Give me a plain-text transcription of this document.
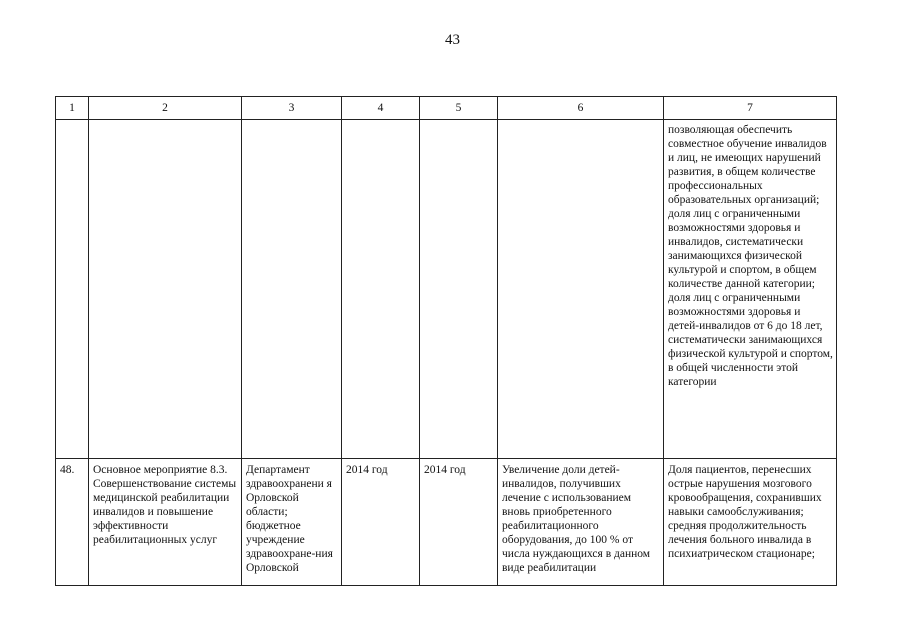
43
1	2	3	4	5	6	7
						позволяющая обеспечить совместное обучение инвалидов и лиц, не имеющих нарушений развития, в общем количестве профессиональных образовательных организаций; доля лиц с ограниченными возможностями здоровья и инвалидов, систематически занимающихся физической культурой и спортом, в общем количестве данной категории; доля лиц с ограниченными возможностями здоровья и детей-инвалидов от 6 до 18 лет, систематически занимающихся физической культурой и спортом, в общей численности этой категории
48.	Основное мероприятие 8.3. Совершенствование системы медицинской реабилитации инвалидов и повышение эффективности реабилитационных услуг	Департамент здравоохранени я Орловской области; бюджетное учреждение здравоохране-ния Орловской	2014 год	2014 год	Увеличение доли детей-инвалидов, получивших лечение с использованием вновь приобретенного реабилитационного оборудования, до 100 % от числа нуждающихся в данном виде реабилитации	Доля пациентов, перенесших острые нарушения мозгового кровообращения, сохранивших навыки самообслуживания; средняя продолжительность лечения больного инвалида в психиатрическом стационаре;
